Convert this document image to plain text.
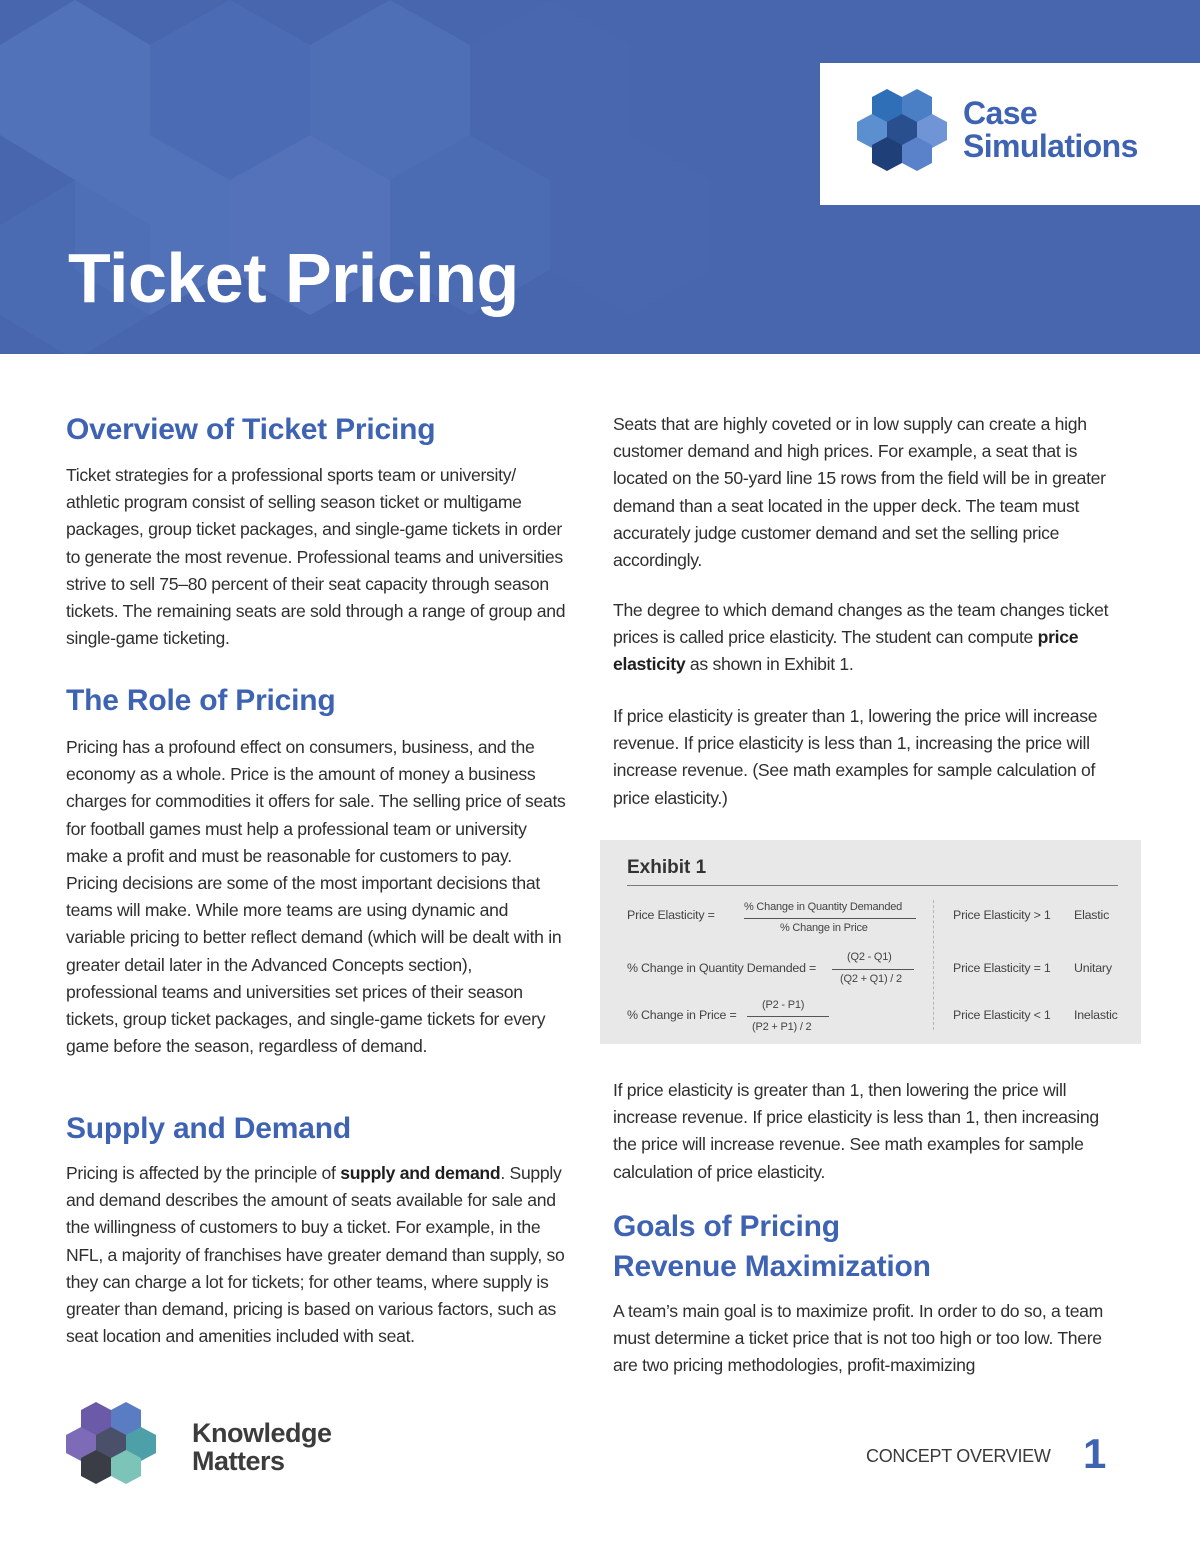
Ticket Pricing
Case
Simulations
Overview of Ticket Pricing

Ticket strategies for a professional sports team or university/ athletic program consist of selling season ticket or multigame packages, group ticket packages, and single-game tickets in order to generate the most revenue. Professional teams and universities strive to sell 75–80 percent of their seat capacity through season tickets. The remaining seats are sold through a range of group and single-game ticketing.

The Role of Pricing

Pricing has a profound effect on consumers, business, and the economy as a whole. Price is the amount of money a business charges for commodities it offers for sale. The selling price of seats for football games must help a professional team or university make a profit and must be reasonable for customers to pay. Pricing decisions are some of the most important decisions that teams will make. While more teams are using dynamic and variable pricing to better reflect demand (which will be dealt with in greater detail later in the Advanced Concepts section), professional teams and universities set prices of their season tickets, group ticket packages, and single-game tickets for every game before the season, regardless of demand.

Supply and Demand

Pricing is affected by the principle of supply and demand. Supply and demand describes the amount of seats available for sale and the willingness of customers to buy a ticket. For example, in the NFL, a majority of franchises have greater demand than supply, so they can charge a lot for tickets; for other teams, where supply is greater than demand, pricing is based on various factors, such as seat location and amenities included with seat.

Seats that are highly coveted or in low supply can create a high customer demand and high prices. For example, a seat that is located on the 50-yard line 15 rows from the field will be in greater demand than a seat located in the upper deck. The team must accurately judge customer demand and set the selling price accordingly.

The degree to which demand changes as the team changes ticket prices is called price elasticity. The student can compute price elasticity as shown in Exhibit 1.

If price elasticity is greater than 1, lowering the price will increase revenue. If price elasticity is less than 1, increasing the price will increase revenue. (See math examples for sample calculation of price elasticity.)

If price elasticity is greater than 1, then lowering the price will increase revenue. If price elasticity is less than 1, then increasing the price will increase revenue. See math examples for sample calculation of price elasticity.

Goals of Pricing
Revenue Maximization

A team’s main goal is to maximize profit. In order to do so, a team must determine a ticket price that is not too high or too low. There are two pricing methodologies, profit-maximizing

Exhibit 1
Price Elasticity =
% Change in Quantity Demanded
% Change in Price
Price Elasticity > 1 Elastic
% Change in Quantity Demanded =
(Q2 - Q1)
(Q2 + Q1) / 2
Price Elasticity = 1 Unitary
% Change in Price =
(P2 - P1)
(P2 + P1) / 2
Price Elasticity < 1 Inelastic
Knowledge
Matters	CONCEPT OVERVIEW 1
